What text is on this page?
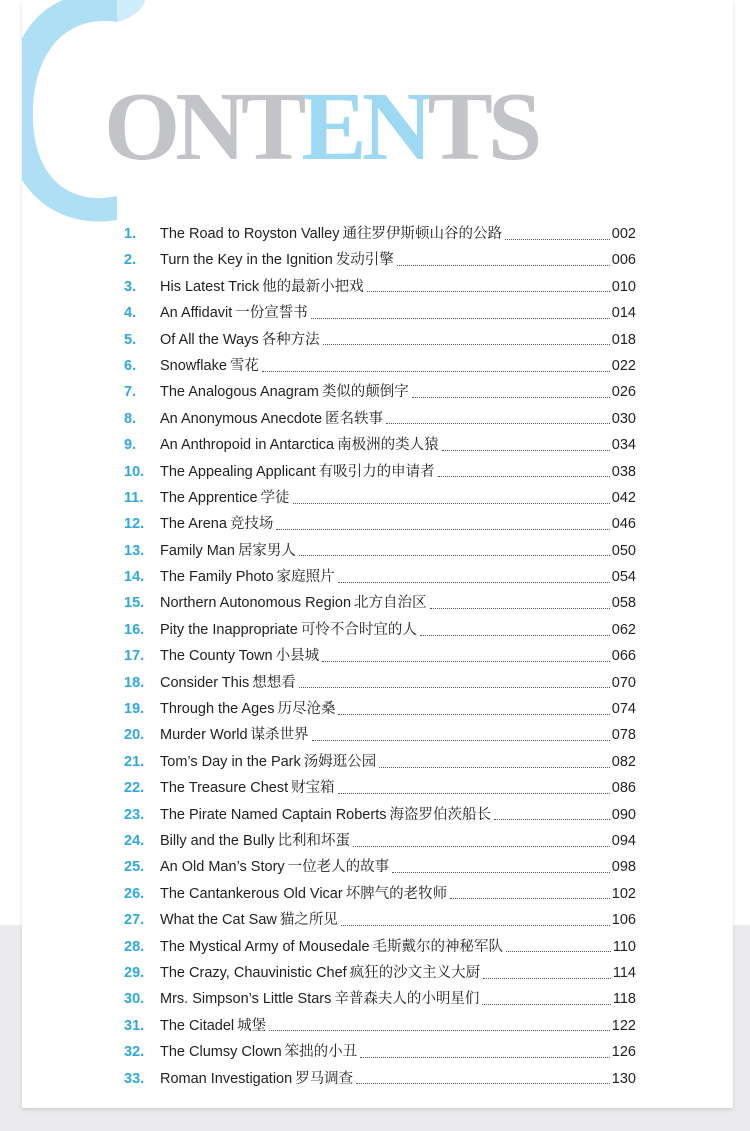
ONTENTS
1.	The Road to Royston Valley 通往罗伊斯顿山谷的公路	002
2.	Turn the Key in the Ignition 发动引擎	006
3.	His Latest Trick 他的最新小把戏	010
4.	An Affidavit 一份宣誓书	014
5.	Of All the Ways 各种方法	018
6.	Snowflake 雪花	022
7.	The Analogous Anagram 类似的颠倒字	026
8.	An Anonymous Anecdote 匿名轶事	030
9.	An Anthropoid in Antarctica 南极洲的类人猿	034
10.	The Appealing Applicant 有吸引力的申请者	038
11.	The Apprentice 学徒	042
12.	The Arena 竞技场	046
13.	Family Man 居家男人	050
14.	The Family Photo 家庭照片	054
15.	Northern Autonomous Region 北方自治区	058
16.	Pity the Inappropriate 可怜不合时宜的人	062
17.	The County Town 小县城	066
18.	Consider This 想想看	070
19.	Through the Ages 历尽沧桑	074
20.	Murder World 谋杀世界	078
21.	Tom’s Day in the Park 汤姆逛公园	082
22.	The Treasure Chest 财宝箱	086
23.	The Pirate Named Captain Roberts 海盗罗伯茨船长	090
24.	Billy and the Bully 比利和坏蛋	094
25.	An Old Man’s Story 一位老人的故事	098
26.	The Cantankerous Old Vicar 坏脾气的老牧师	102
27.	What the Cat Saw 猫之所见	106
28.	The Mystical Army of Mousedale 毛斯戴尔的神秘军队	110
29.	The Crazy, Chauvinistic Chef 疯狂的沙文主义大厨	114
30.	Mrs. Simpson’s Little Stars 辛普森夫人的小明星们	118
31.	The Citadel 城堡	122
32.	The Clumsy Clown 笨拙的小丑	126
33.	Roman Investigation 罗马调查	130
